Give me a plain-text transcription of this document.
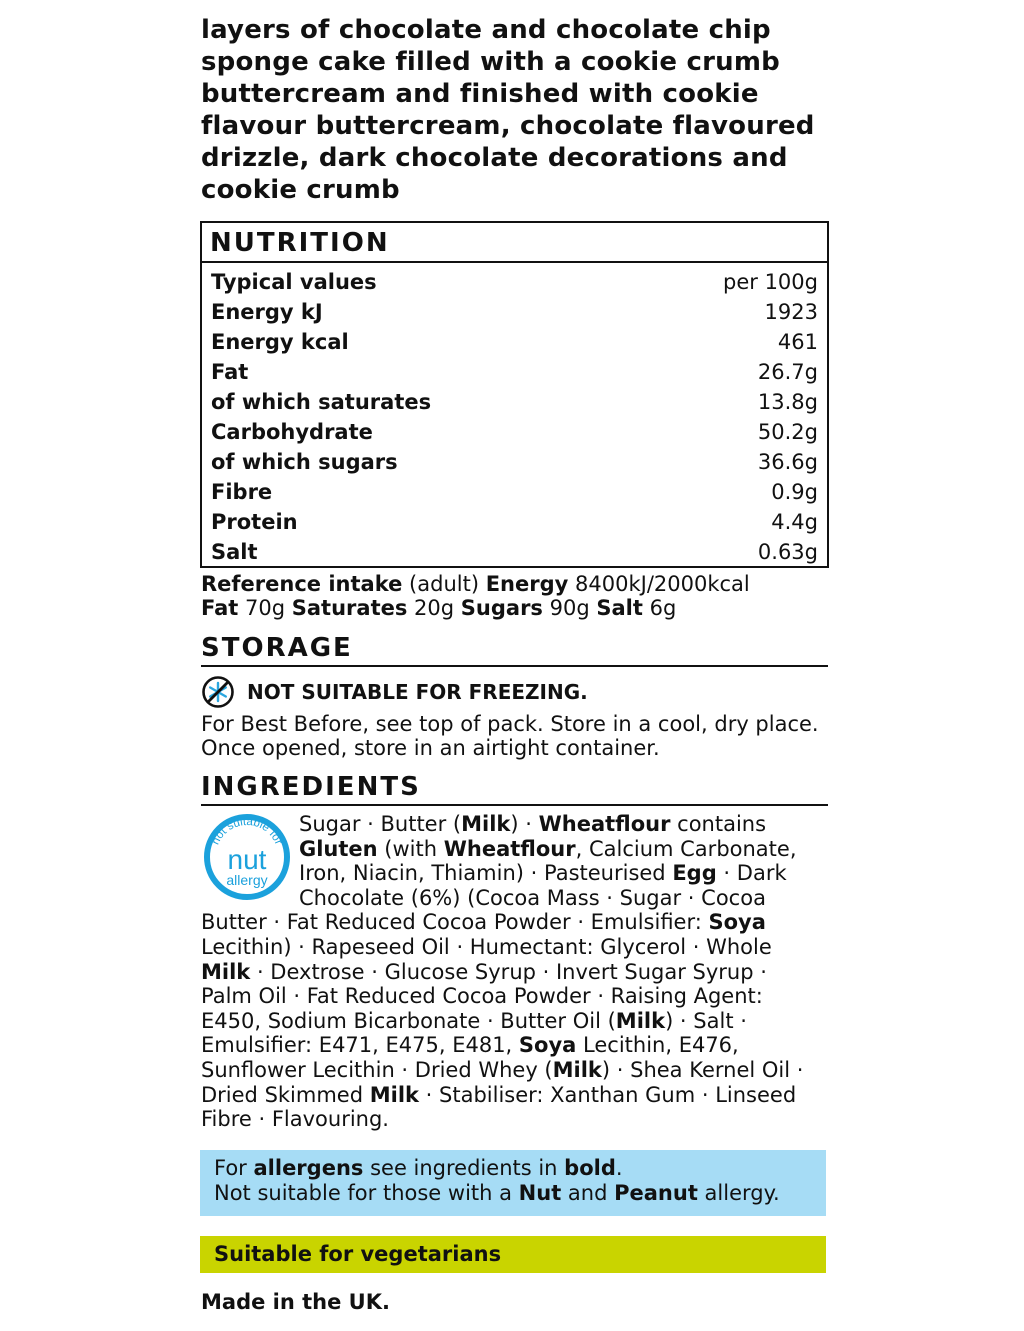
layers of chocolate and chocolate chip sponge cake filled with a cookie crumb buttercream and finished with cookie flavour buttercream, chocolate flavoured drizzle, dark chocolate decorations and cookie crumb
NUTRITION
Typical values	per 100g
Energy kJ	1923
Energy kcal	461
Fat	26.7g
of which saturates	13.8g
Carbohydrate	50.2g
of which sugars	36.6g
Fibre	0.9g
Protein	4.4g
Salt	0.63g
Reference intake (adult) Energy 8400kJ/2000kcal
Fat 70g Saturates 20g Sugars 90g Salt 6g
STORAGE
NOT SUITABLE FOR FREEZING.
For Best Before, see top of pack. Store in a cool, dry place. Once opened, store in an airtight container.
INGREDIENTS
not suitable for
nut
allergy
Sugar · Butter (Milk) · Wheatflour contains Gluten (with Wheatflour, Calcium Carbonate, Iron, Niacin, Thiamin) · Pasteurised Egg · Dark Chocolate (6%) (Cocoa Mass · Sugar · Cocoa Butter · Fat Reduced Cocoa Powder · Emulsifier: Soya Lecithin) · Rapeseed Oil · Humectant: Glycerol · Whole Milk · Dextrose · Glucose Syrup · Invert Sugar Syrup · Palm Oil · Fat Reduced Cocoa Powder · Raising Agent: E450, Sodium Bicarbonate · Butter Oil (Milk) · Salt · Emulsifier: E471, E475, E481, Soya Lecithin, E476, Sunflower Lecithin · Dried Whey (Milk) · Shea Kernel Oil · Dried Skimmed Milk · Stabiliser: Xanthan Gum · Linseed Fibre · Flavouring.
For allergens see ingredients in bold.
Not suitable for those with a Nut and Peanut allergy.
Suitable for vegetarians
Made in the UK.
